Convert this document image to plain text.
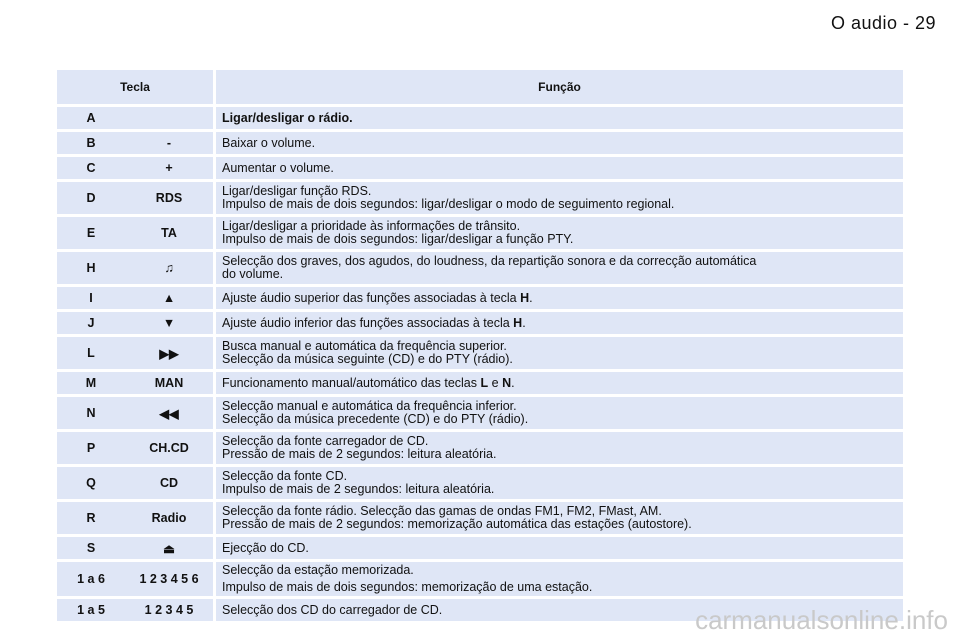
O audio - 29
Tecla			Função
A			Ligar/desligar o rádio.

B	-		Baixar o volume.

C	+		Aumentar o volume.

D	RDS		Ligar/desligar função RDS.
Impulso de mais de dois segundos: ligar/desligar o modo de seguimento regional.

E	TA		Ligar/desligar a prioridade às informações de trânsito.
Impulso de mais de dois segundos: ligar/desligar a função PTY.

H	♫		Selecção dos graves, dos agudos, do loudness, da repartição sonora e da correcção automática
do volume.

I	▲		Ajuste áudio superior das funções associadas à tecla H.

J	▼		Ajuste áudio inferior das funções associadas à tecla H.

L	▶▶		Busca manual e automática da frequência superior.
Selecção da música seguinte (CD) e do PTY (rádio).

M	MAN		Funcionamento manual/automático das teclas L e N.

N	◀◀		Selecção manual e automática da frequência inferior.
Selecção da música precedente (CD) e do PTY (rádio).

P	CH.CD		Selecção da fonte carregador de CD.
Pressão de mais de 2 segundos: leitura aleatória.

Q	CD		Selecção da fonte CD.
Impulso de mais de 2 segundos: leitura aleatória.

R	Radio		Selecção da fonte rádio. Selecção das gamas de ondas FM1, FM2, FMast, AM.
Pressão de mais de 2 segundos: memorização automática das estações (autostore).

S	⏏		Ejecção do CD.

1 a 6	1 2 3 4 5 6		Selecção da estação memorizada.
Impulso de mais de dois segundos: memorização de uma estação.

1 a 5	1 2 3 4 5		Selecção dos CD do carregador de CD.	carmanualsonline.info
